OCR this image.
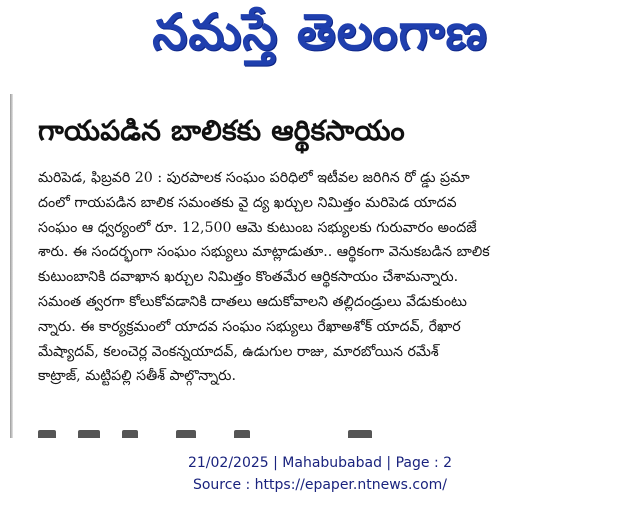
నమస్తే తెలంగాణ
గాయపడిన బాలికకు ఆర్థికసాయం
మరిపెడ, ఫిబ్రవరి 20 : పురపాలక సంఘం పరిధిలో ఇటీవల జరిగిన రో డ్డు ప్రమా
దంలో గాయపడిన బాలిక సమంతకు వై ద్య ఖర్చుల నిమిత్తం మరిపెడ యాదవ
సంఘం ఆ ధ్వర్యంలో రూ. 12,500 ఆమె కుటుంబ సభ్యులకు గురువారం అందజే
శారు. ఈ సందర్భంగా సంఘం సభ్యులు మాట్లాడుతూ.. ఆర్థికంగా వెనుకబడిన బాలిక
కుటుంబానికి దవాఖాన ఖర్చుల నిమిత్తం కొంతమేర ఆర్థికసాయం చేశామన్నారు.
సమంత త్వరగా కోలుకోవడానికి దాతలు ఆదుకోవాలని తల్లిదండ్రులు వేడుకుంటు
న్నారు. ఈ కార్యక్రమంలో యాదవ సంఘం సభ్యులు రేఖాఅశోక్ యాదవ్, రేఖార
మేష్యాదవ్, కలంచెర్ల వెంకన్నయాదవ్, ఉడుగుల రాజు, మారబోయిన రమేశ్
కాట్రాజ్, మట్టిపల్లి సతీశ్ పాల్గొన్నారు.
21/02/2025 | Mahabubabad | Page : 2
Source : https://epaper.ntnews.com/
